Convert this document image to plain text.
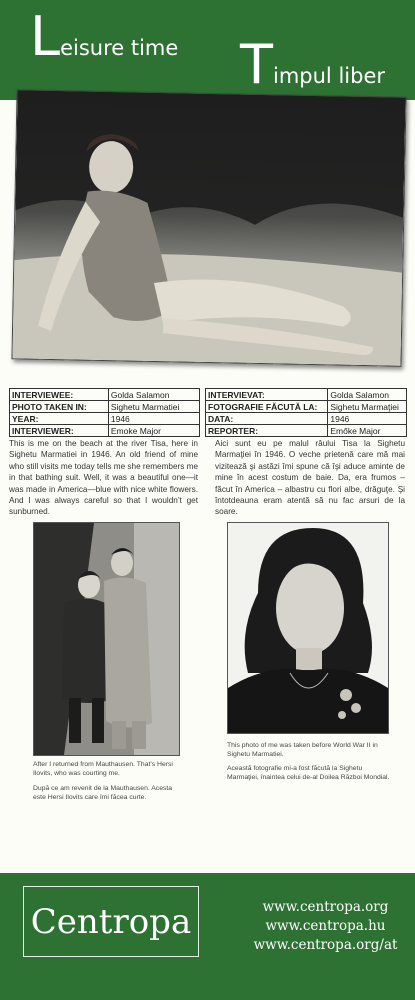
Leisure time Timpul liber
INTERVIEWEE:	Golda Salamon
PHOTO TAKEN IN:	Sighetu Marmatiei
YEAR:	1946
INTERVIEWER:	Emoke Major
INTERVIEVAT:	Golda Salamon
FOTOGRAFIE FĂCUTĂ LA:	Sighetu Marmaţiei
DATA:	1946
REPORTER:	Emőke Major
This is me on the beach at the river Tisa, here in Sighetu Marmatiei in 1946. An old friend of mine who still visits me today tells me she remembers me in that bathing suit. Well, it was a beautiful one—it was made in America—blue with nice white flowers. And I was always careful so that I wouldn’t get sunburned.
Aici sunt eu pe malul râului Tisa la Sighetu Marmaţiei în 1946. O veche prietenă care mă mai vizitează şi astăzi îmi spune că îşi aduce aminte de mine în acest costum de baie. Da, era frumos – făcut în America – albastru cu flori albe, drăguţe. Şi întotdeauna eram atentă să nu fac arsuri de la soare.
After I returned from Mauthausen. That’s Hersi Ilovits, who was courting me.
După ce am revenit de la Mauthausen. Acesta este Hersi Ilovits care îmi făcea curte.
This photo of me was taken before World War II in Sighetu Marmatiei.
Această fotografie mi-a fost făcută la Sighetu Marmaţiei, înaintea celui de-al Doilea Război Mondial.
Centropa	www.centropa.org
www.centropa.hu
www.centropa.org/at
